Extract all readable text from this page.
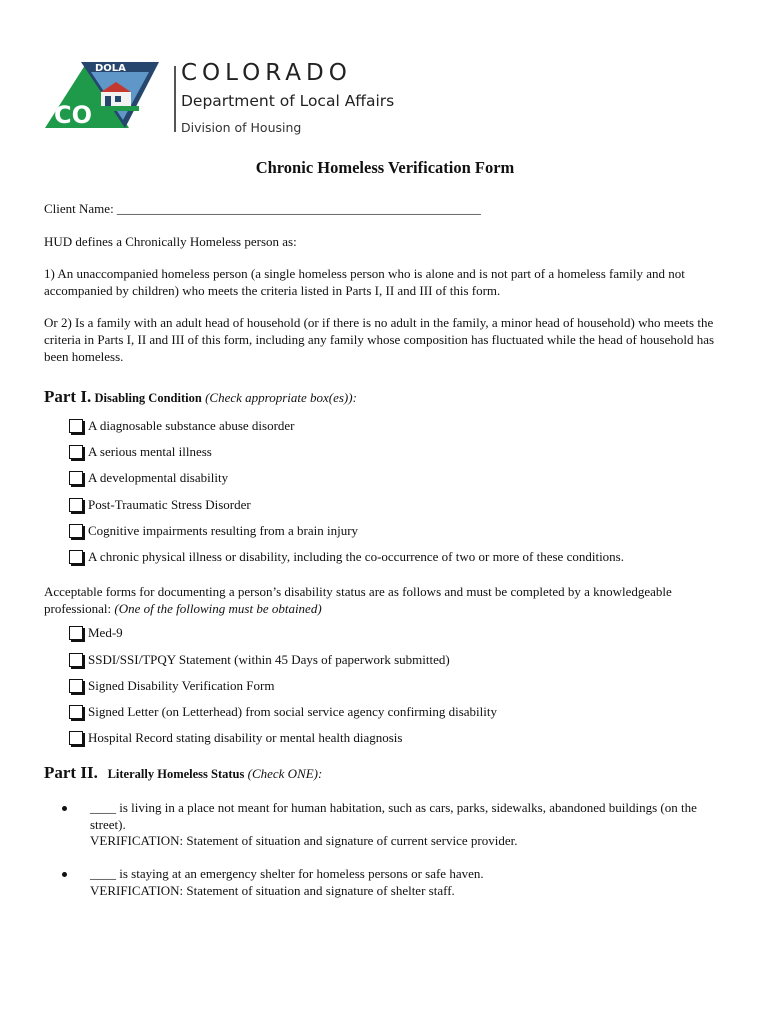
DOLA
CO
COLORADO
Department of Local Affairs
Division of Housing
Chronic Homeless Verification Form
Client Name: ________________________________________________________
HUD defines a Chronically Homeless person as:
1) An unaccompanied homeless person (a single homeless person who is alone and is not part of a homeless family and not accompanied by children) who meets the criteria listed in Parts I, II and III of this form.
Or 2) Is a family with an adult head of household (or if there is no adult in the family, a minor head of household) who meets the criteria in Parts I, II and III of this form, including any family whose composition has fluctuated while the head of household has been homeless.
Part I. Disabling Condition (Check appropriate box(es)):
A diagnosable substance abuse disorder
A serious mental illness
A developmental disability
Post-Traumatic Stress Disorder
Cognitive impairments resulting from a brain injury
A chronic physical illness or disability, including the co-occurrence of two or more of these conditions.
Acceptable forms for documenting a person’s disability status are as follows and must be completed by a knowledgeable professional: (One of the following must be obtained)
Med-9
SSDI/SSI/TPQY Statement (within 45 Days of paperwork submitted)
Signed Disability Verification Form
Signed Letter (on Letterhead) from social service agency confirming disability
Hospital Record stating disability or mental health diagnosis
Part II. Literally Homeless Status (Check ONE):
____ is living in a place not meant for human habitation, such as cars, parks, sidewalks, abandoned buildings (on the street).
VERIFICATION: Statement of situation and signature of current service provider.
____ is staying at an emergency shelter for homeless persons or safe haven.
VERIFICATION: Statement of situation and signature of shelter staff.
